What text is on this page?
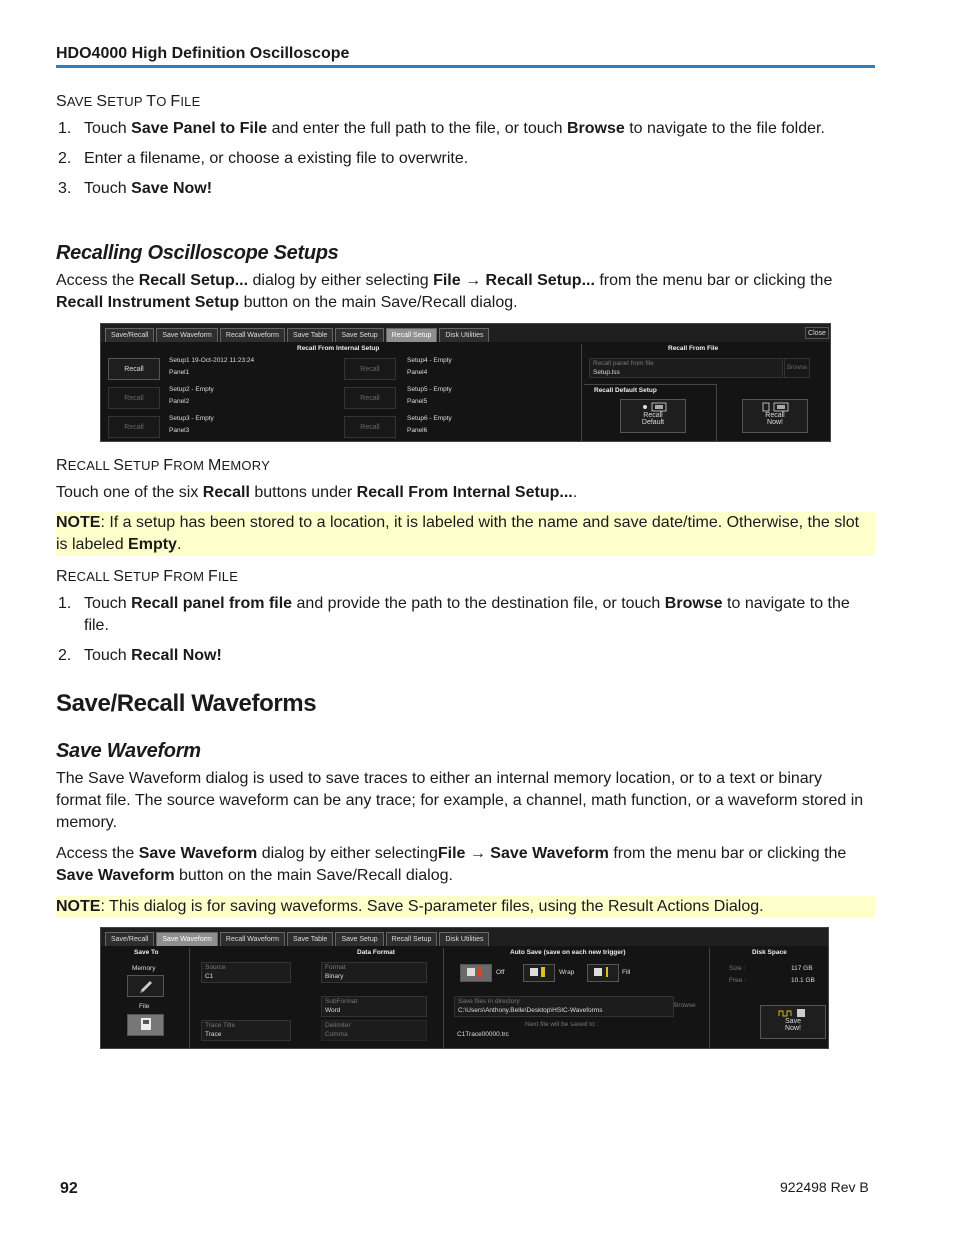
HDO4000 High Definition Oscilloscope
SAVE SETUP TO FILE
1. Touch Save Panel to File and enter the full path to the file, or touch Browse to navigate to the file folder.
2. Enter a filename, or choose a existing file to overwrite.
3. Touch Save Now!
Recalling Oscilloscope Setups

Access the Recall Setup... dialog by either selecting File → Recall Setup... from the menu bar or clicking the Recall Instrument Setup button on the main Save/Recall dialog.

Save/Recall	Save Waveform	Recall Waveform	Save Table	Save Setup	Recall Setup	Disk Utilities	Close
Recall From Internal Setup	Recall From File
Recall
Setup1 19-Oct-2012 11:23:24
Panel1
Recall
Setup2 - Empty
Panel2
Recall
Setup3 - Empty
Panel3
Recall
Setup4 - Empty
Panel4
Recall
Setup5 - Empty
Panel5
Recall
Setup6 - Empty
Panel6
Recall panel from file
Setup.lss
Browse
Recall Default Setup
Recall
Default
Recall
Now!
RECALL SETUP FROM MEMORY

Touch one of the six Recall buttons under Recall From Internal Setup....

NOTE: If a setup has been stored to a location, it is labeled with the name and save date/time. Otherwise, the slot is labeled Empty.

RECALL SETUP FROM FILE
1. Touch Recall panel from file and provide the path to the destination file, or touch Browse to navigate to the file.
2. Touch Recall Now!
Save/Recall Waveforms
Save Waveform

The Save Waveform dialog is used to save traces to either an internal memory location, or to a text or binary format file. The source waveform can be any trace; for example, a channel, math function, or a waveform stored in memory.

Access the Save Waveform dialog by either selectingFile → Save Waveform from the menu bar or clicking the Save Waveform button on the main Save/Recall dialog.

NOTE: This dialog is for saving waveforms. Save S-parameter files, using the Result Actions Dialog.

Save/Recall	Save Waveform	Recall Waveform	Save Table	Save Setup	Recall Setup	Disk Utilities
Save To
Memory
File
Data Format
Source
C1
Format
Binary
SubFormat
Word
Trace Title
Trace
Delimiter
Comma
Auto Save (save on each new trigger)
Off	Wrap	Fill
Save files in directory
C:\Users\Anthony.Belle\Desktop\HSIC-Waveforms
Browse
Next file will be saved to :
C1Trace00000.trc
Disk Space
Size :	117 GB
Free :	10.1 GB
Save
Now!
92	922498 Rev B
